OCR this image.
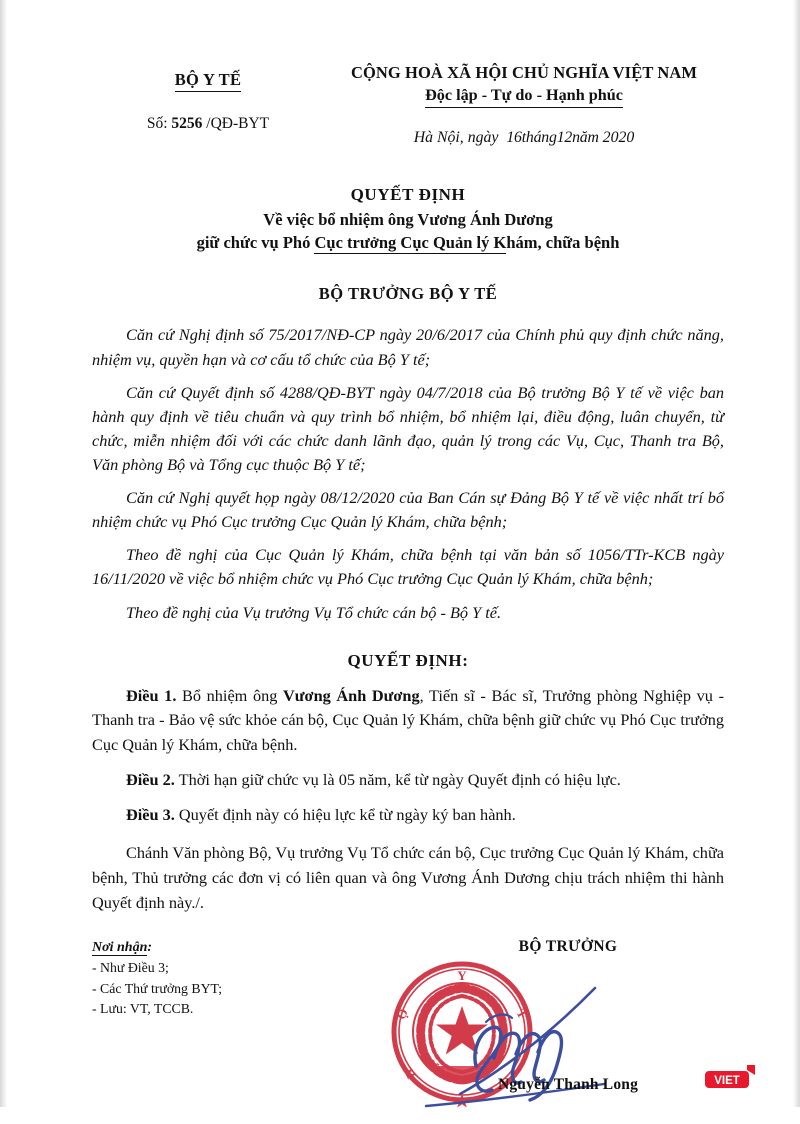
BỘ Y TẾ
Số: 5256 /QĐ-BYT
CỘNG HOÀ XÃ HỘI CHỦ NGHĨA VIỆT NAM
Độc lập - Tự do - Hạnh phúc
Hà Nội, ngày 16tháng12năm 2020
QUYẾT ĐỊNH
Về việc bổ nhiệm ông Vương Ánh Dương
giữ chức vụ Phó Cục trưởng Cục Quản lý Khám, chữa bệnh
BỘ TRƯỞNG BỘ Y TẾ

Căn cứ Nghị định số 75/2017/NĐ-CP ngày 20/6/2017 của Chính phủ quy định chức năng, nhiệm vụ, quyền hạn và cơ cấu tổ chức của Bộ Y tế;

Căn cứ Quyết định số 4288/QĐ-BYT ngày 04/7/2018 của Bộ trưởng Bộ Y tế về việc ban hành quy định về tiêu chuẩn và quy trình bổ nhiệm, bổ nhiệm lại, điều động, luân chuyển, từ chức, miễn nhiệm đối với các chức danh lãnh đạo, quản lý trong các Vụ, Cục, Thanh tra Bộ, Văn phòng Bộ và Tổng cục thuộc Bộ Y tế;

Căn cứ Nghị quyết họp ngày 08/12/2020 của Ban Cán sự Đảng Bộ Y tế về việc nhất trí bổ nhiệm chức vụ Phó Cục trưởng Cục Quản lý Khám, chữa bệnh;

Theo đề nghị của Cục Quản lý Khám, chữa bệnh tại văn bản số 1056/TTr-KCB ngày 16/11/2020 về việc bổ nhiệm chức vụ Phó Cục trưởng Cục Quản lý Khám, chữa bệnh;

Theo đề nghị của Vụ trưởng Vụ Tổ chức cán bộ - Bộ Y tế.

QUYẾT ĐỊNH:

Điều 1. Bổ nhiệm ông Vương Ánh Dương, Tiến sĩ - Bác sĩ, Trưởng phòng Nghiệp vụ - Thanh tra - Bảo vệ sức khỏe cán bộ, Cục Quản lý Khám, chữa bệnh giữ chức vụ Phó Cục trưởng Cục Quản lý Khám, chữa bệnh.

Điều 2. Thời hạn giữ chức vụ là 05 năm, kể từ ngày Quyết định có hiệu lực.

Điều 3. Quyết định này có hiệu lực kể từ ngày ký ban hành.

Chánh Văn phòng Bộ, Vụ trưởng Vụ Tổ chức cán bộ, Cục trưởng Cục Quản lý Khám, chữa bệnh, Thủ trưởng các đơn vị có liên quan và ông Vương Ánh Dương chịu trách nhiệm thi hành Quyết định này./.

Nơi nhận:
- Như Điều 3;
- Các Thứ trưởng BYT;
- Lưu: VT, TCCB.
BỘ TRƯỞNG
Y
T
Ộ
B
Nguyễn Thanh Long	VIET
